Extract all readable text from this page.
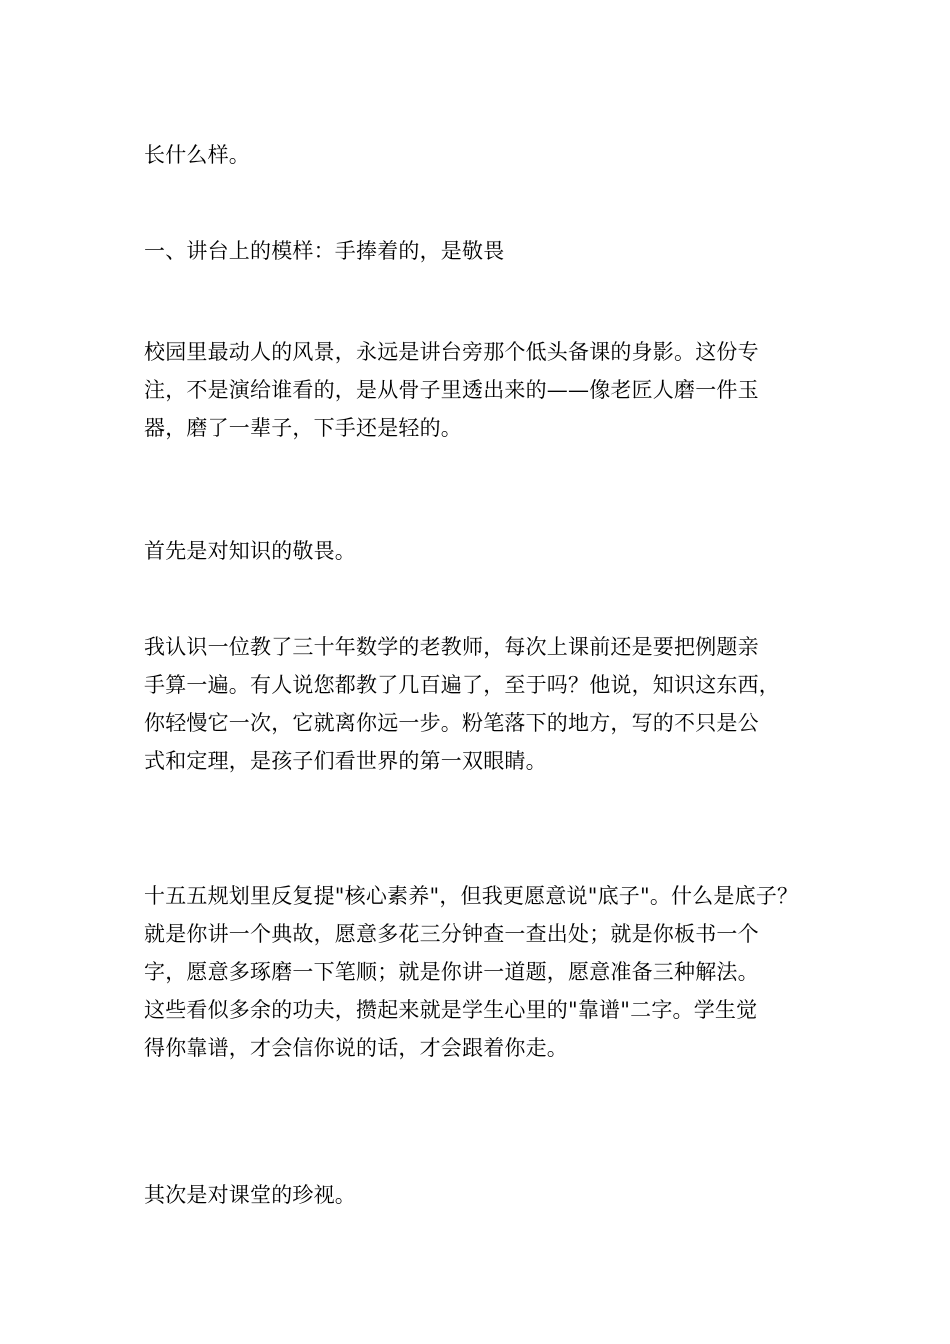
长什么样。

一、讲台上的模样：手捧着的，是敬畏

校园里最动人的风景，永远是讲台旁那个低头备课的身影。这份专
注，不是演给谁看的，是从骨子里透出来的——像老匠人磨一件玉
器，磨了一辈子，下手还是轻的。

首先是对知识的敬畏。

我认识一位教了三十年数学的老教师，每次上课前还是要把例题亲
手算一遍。有人说您都教了几百遍了，至于吗？他说，知识这东西，
你轻慢它一次，它就离你远一步。粉笔落下的地方，写的不只是公
式和定理，是孩子们看世界的第一双眼睛。

十五五规划里反复提"核心素养"，但我更愿意说"底子"。什么是底子？
就是你讲一个典故，愿意多花三分钟查一查出处；就是你板书一个
字，愿意多琢磨一下笔顺；就是你讲一道题，愿意准备三种解法。
这些看似多余的功夫，攒起来就是学生心里的"靠谱"二字。学生觉
得你靠谱，才会信你说的话，才会跟着你走。

其次是对课堂的珍视。
